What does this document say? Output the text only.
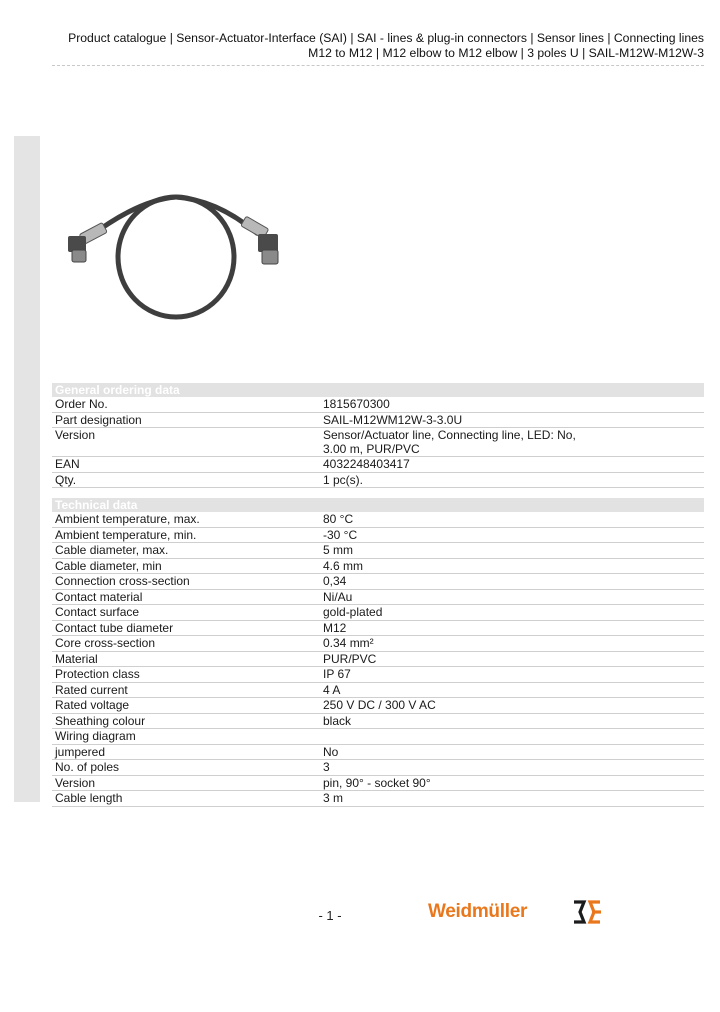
Product catalogue | Sensor-Actuator-Interface (SAI) | SAI - lines & plug-in connectors | Sensor lines | Connecting lines
M12 to M12 | M12 elbow to M12 elbow | 3 poles U | SAIL-M12W-M12W-3
General ordering data
Order No.	1815670300
Part designation	SAIL-M12WM12W-3-3.0U
Version	Sensor/Actuator line, Connecting line, LED: No,
3.00 m, PUR/PVC
EAN	4032248403417
Qty.	1 pc(s).
Technical data
Ambient temperature, max.	80 °C
Ambient temperature, min.	-30 °C
Cable diameter, max.	5 mm
Cable diameter, min	4.6 mm
Connection cross-section	0,34
Contact material	Ni/Au
Contact surface	gold-plated
Contact tube diameter	M12
Core cross-section	0.34 mm²
Material	PUR/PVC
Protection class	IP 67
Rated current	4 A
Rated voltage	250 V DC / 300 V AC
Sheathing colour	black
Wiring diagram	
jumpered	No
No. of poles	3
Version	pin, 90° - socket 90°
Cable length	3 m
- 1 -	Weidmüller
